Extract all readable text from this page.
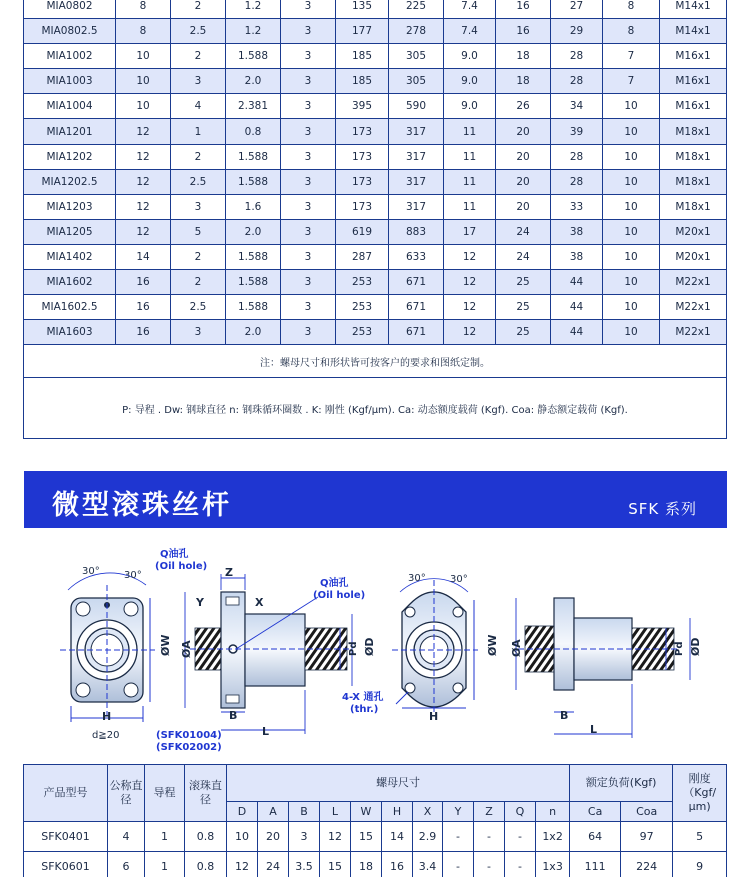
MIA0802	8	2	1.2	3	135	225	7.4	16	27	8	M14x1
MIA0802.5	8	2.5	1.2	3	177	278	7.4	16	29	8	M14x1
MIA1002	10	2	1.588	3	185	305	9.0	18	28	7	M16x1
MIA1003	10	3	2.0	3	185	305	9.0	18	28	7	M16x1
MIA1004	10	4	2.381	3	395	590	9.0	26	34	10	M16x1
MIA1201	12	1	0.8	3	173	317	11	20	39	10	M18x1
MIA1202	12	2	1.588	3	173	317	11	20	28	10	M18x1
MIA1202.5	12	2.5	1.588	3	173	317	11	20	28	10	M18x1
MIA1203	12	3	1.6	3	173	317	11	20	33	10	M18x1
MIA1205	12	5	2.0	3	619	883	17	24	38	10	M20x1
MIA1402	14	2	1.588	3	287	633	12	24	38	10	M20x1
MIA1602	16	2	1.588	3	253	671	12	25	44	10	M22x1
MIA1602.5	16	2.5	1.588	3	253	671	12	25	44	10	M22x1
MIA1603	16	3	2.0	3	253	671	12	25	44	10	M22x1
注：螺母尺寸和形状皆可按客户的要求和图纸定制。											
P: 导程 . Dw: 钢球直径 n: 钢珠循环圈数 . K: 刚性 (Kgf/μm). Ca: 动态额度载荷 (Kgf). Coa: 静态额定载荷 (Kgf).											
微型滚珠丝杆	SFK 系列
30° 30°
Q油孔
(Oil hole)
H
ØW
d≧20
Z
X
Y
B
L
ØA	Pd ØD
Q油孔
(Oil hole)
(SFK01004)
(SFK02002)
30° 30°
H
ØW
4-X 通孔
(thr.)	B
L
ØA	Pd ØD
产品型号	公称直径	导程	滚珠直径	螺母尺寸											额定负荷(Kgf)		刚度（Kgf/μm)
				D	A	B	L	W	H	X	Y	Z	Q	n	Ca	Coa	
SFK0401	4	1	0.8	10	20	3	12	15	14	2.9	-	-	-	1x2	64	97	5
SFK0601	6	1	0.8	12	24	3.5	15	18	16	3.4	-	-	-	1x3	111	224	9
